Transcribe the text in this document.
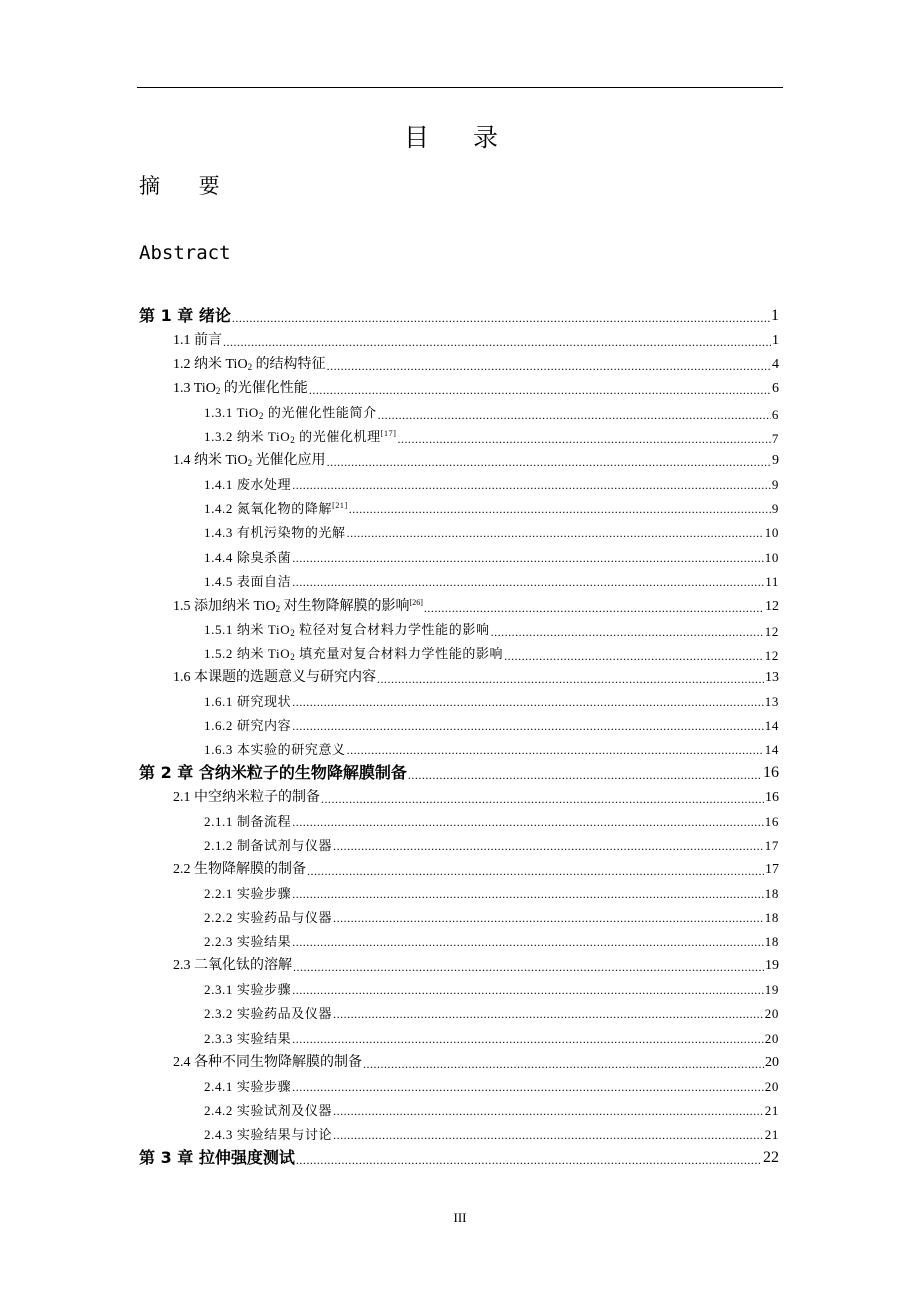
目 录
摘 要
Abstract
第 1 章 绪论 .....	1
1.1 前言 .....	1
1.2 纳米 TiO$_2$ 的结构特征 .....	4
1.3 TiO$_2$ 的光催化性能 .....	6
1.3.1 TiO$_2$ 的光催化性能简介 .....	6
1.3.2 纳米 TiO$_2$ 的光催化机理[17] .....	7
1.4 纳米 TiO$_2$ 光催化应用 .....	9
1.4.1 废水处理 .....	9
1.4.2 氮氧化物的降解[21] .....	9
1.4.3 有机污染物的光解 .....	10
1.4.4 除臭杀菌 .....	10
1.4.5 表面自洁 .....	11
1.5 添加纳米 TiO$_2$ 对生物降解膜的影响[26] .....	12
1.5.1 纳米 TiO$_2$ 粒径对复合材料力学性能的影响 .....	12
1.5.2 纳米 TiO$_2$ 填充量对复合材料力学性能的影响 .....	12
1.6 本课题的选题意义与研究内容 .....	13
1.6.1 研究现状 .....	13
1.6.2 研究内容 .....	14
1.6.3 本实验的研究意义 .....	14
第 2 章 含纳米粒子的生物降解膜制备 .....	16
2.1 中空纳米粒子的制备 .....	16
2.1.1 制备流程 .....	16
2.1.2 制备试剂与仪器 .....	17
2.2 生物降解膜的制备 .....	17
2.2.1 实验步骤 .....	18
2.2.2 实验药品与仪器 .....	18
2.2.3 实验结果 .....	18
2.3 二氧化钛的溶解 .....	19
2.3.1 实验步骤 .....	19
2.3.2 实验药品及仪器 .....	20
2.3.3 实验结果 .....	20
2.4 各种不同生物降解膜的制备 .....	20
2.4.1 实验步骤 .....	20
2.4.2 实验试剂及仪器 .....	21
2.4.3 实验结果与讨论 .....	21
第 3 章 拉伸强度测试 .....	22
III
